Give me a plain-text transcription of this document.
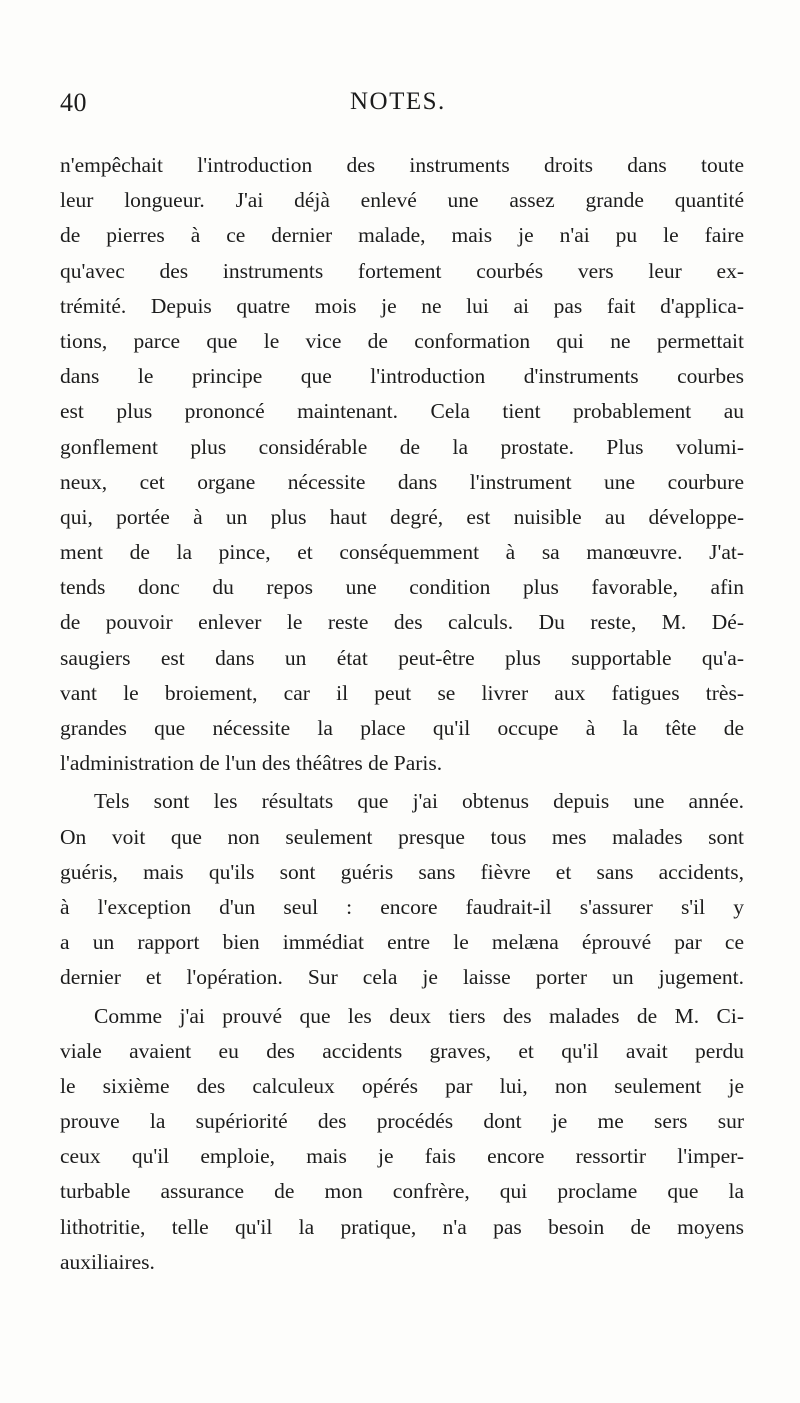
40	NOTES.
n'empêchait l'introduction des instruments droits dans toute
leur longueur. J'ai déjà enlevé une assez grande quantité
de pierres à ce dernier malade, mais je n'ai pu le faire
qu'avec des instruments fortement courbés vers leur ex-
trémité. Depuis quatre mois je ne lui ai pas fait d'applica-
tions, parce que le vice de conformation qui ne permettait
dans le principe que l'introduction d'instruments courbes
est plus prononcé maintenant. Cela tient probablement au
gonflement plus considérable de la prostate. Plus volumi-
neux, cet organe nécessite dans l'instrument une courbure
qui, portée à un plus haut degré, est nuisible au développe-
ment de la pince, et conséquemment à sa manœuvre. J'at-
tends donc du repos une condition plus favorable, afin
de pouvoir enlever le reste des calculs. Du reste, M. Dé-
saugiers est dans un état peut-être plus supportable qu'a-
vant le broiement, car il peut se livrer aux fatigues très-
grandes que nécessite la place qu'il occupe à la tête de
l'administration de l'un des théâtres de Paris.
Tels sont les résultats que j'ai obtenus depuis une année.
On voit que non seulement presque tous mes malades sont
guéris, mais qu'ils sont guéris sans fièvre et sans accidents,
à l'exception d'un seul : encore faudrait-il s'assurer s'il y
a un rapport bien immédiat entre le melæna éprouvé par ce
dernier et l'opération. Sur cela je laisse porter un jugement.
Comme j'ai prouvé que les deux tiers des malades de M. Ci-
viale avaient eu des accidents graves, et qu'il avait perdu
le sixième des calculeux opérés par lui, non seulement je
prouve la supériorité des procédés dont je me sers sur
ceux qu'il emploie, mais je fais encore ressortir l'imper-
turbable assurance de mon confrère, qui proclame que la
lithotritie, telle qu'il la pratique, n'a pas besoin de moyens
auxiliaires.
